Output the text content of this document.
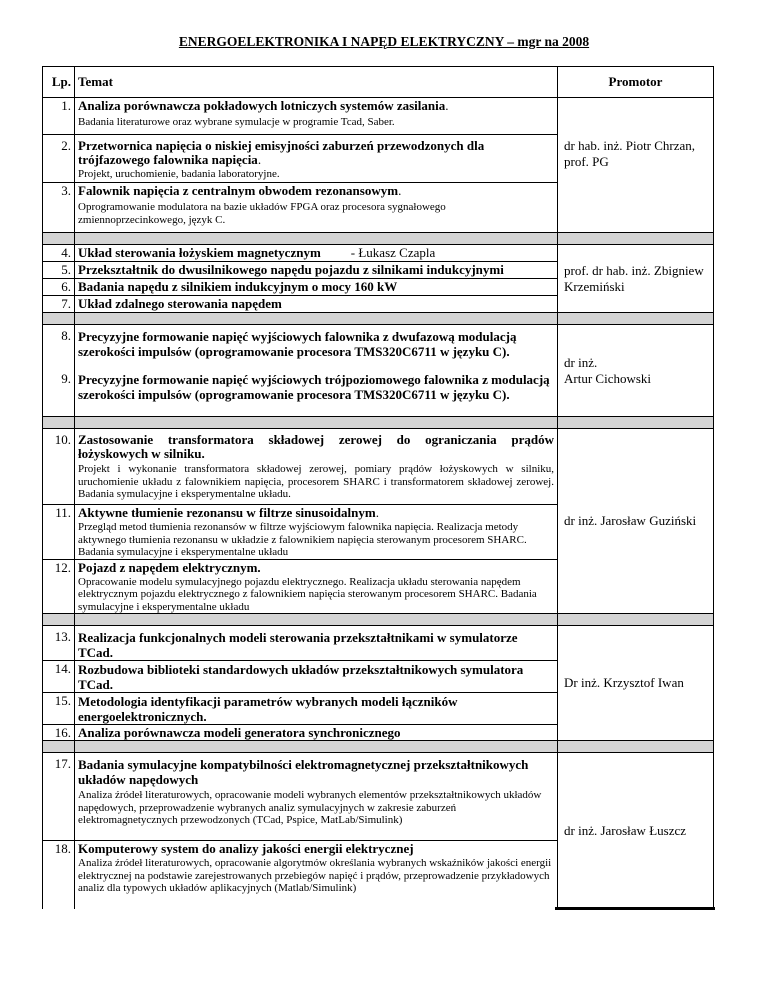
ENERGOELEKTRONIKA I NAPĘD ELEKTRYCZNY – mgr na 2008
Lp.	Temat	Promotor
1.	Analiza porównawcza pokładowych lotniczych systemów zasilania.
Badania literaturowe oraz wybrane symulacje w programie Tcad, Saber.	dr hab. inż. Piotr Chrzan, prof. PG
2.	Przetwornica napięcia o niskiej emisyjności zaburzeń przewodzonych dla trójfazowego falownika napięcia.
Projekt, uruchomienie, badania laboratoryjne.	

3.	Falownik napięcia z centralnym obwodem rezonansowym.
Oprogramowanie modulatora na bazie układów FPGA oraz procesora sygnałowego zmiennoprzecinkowego, język C.	

4.	Układ sterowania łożyskiem magnetycznym - Łukasz Czapla	prof. dr hab. inż. Zbigniew Krzemiński
5.	Przekształtnik do dwusilnikowego napędu pojazdu z silnikami indukcyjnymi	
6.	Badania napędu z silnikiem indukcyjnym o mocy 160 kW	
7.	Układ zdalnego sterowania napędem	

8.	Precyzyjne formowanie napięć wyjściowych falownika z dwufazową modulacją szerokości impulsów (oprogramowanie procesora TMS320C6711 w języku C).	dr inż.
Artur Cichowski

9.	Precyzyjne formowanie napięć wyjściowych trójpoziomowego falownika z modulacją szerokości impulsów (oprogramowanie procesora TMS320C6711 w języku C).	

10.	Zastosowanie transformatora składowej zerowej do ograniczania prądów łożyskowych w silniku.
Projekt i wykonanie transformatora składowej zerowej, pomiary prądów łożyskowych w silniku, uruchomienie układu z falownikiem napięcia, procesorem SHARC i transformatorem składowej zerowej. Badania symulacyjne i eksperymentalne układu.	dr inż. Jarosław Guziński
11.	Aktywne tłumienie rezonansu w filtrze sinusoidalnym.
Przegląd metod tłumienia rezonansów w filtrze wyjściowym falownika napięcia. Realizacja metody aktywnego tłumienia rezonansu w układzie z falownikiem napięcia sterowanym procesorem SHARC. Badania symulacyjne i eksperymentalne układu	

12.	Pojazd z napędem elektrycznym.
Opracowanie modelu symulacyjnego pojazdu elektrycznego. Realizacja układu sterowania napędem elektrycznym pojazdu elektrycznego z falownikiem napięcia sterowanym procesorem SHARC. Badania symulacyjne i eksperymentalne układu	

13.	Realizacja funkcjonalnych modeli sterowania przekształtnikami w symulatorze TCad.	Dr inż. Krzysztof Iwan
14.	Rozbudowa biblioteki standardowych układów przekształtnikowych symulatora TCad.	
15.	Metodologia identyfikacji parametrów wybranych modeli łączników energoelektronicznych.	
16.	Analiza porównawcza modeli generatora synchronicznego	

17.	Badania symulacyjne kompatybilności elektromagnetycznej przekształtnikowych układów napędowych
Analiza źródeł literaturowych, opracowanie modeli wybranych elementów przekształtnikowych układów napędowych, przeprowadzenie wybranych analiz symulacyjnych w zakresie zaburzeń elektromagnetycznych przewodzonych (TCad, Pspice, MatLab/Simulink)	dr inż. Jarosław Łuszcz
18.	Komputerowy system do analizy jakości energii elektrycznej
Analiza źródeł literaturowych, opracowanie algorytmów określania wybranych wskaźników jakości energii elektrycznej na podstawie zarejestrowanych przebiegów napięć i prądów, przeprowadzenie przykładowych analiz dla typowych układów aplikacyjnych (Matlab/Simulink)	
